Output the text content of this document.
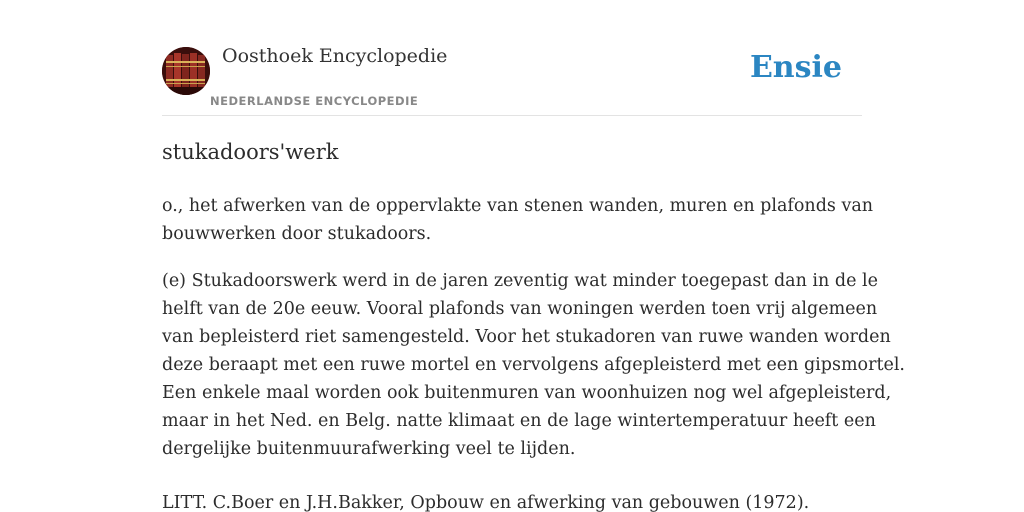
Oosthoek Encyclopedie
NEDERLANDSE ENCYCLOPEDIE
Ensie
stukadoors'werk

o., het afwerken van de oppervlakte van stenen wanden, muren en plafonds van
bouwwerken door stukadoors.

(e) Stukadoorswerk werd in de jaren zeventig wat minder toegepast dan in de le
helft van de 20e eeuw. Vooral plafonds van woningen werden toen vrij algemeen
van bepleisterd riet samengesteld. Voor het stukadoren van ruwe wanden worden
deze beraapt met een ruwe mortel en vervolgens afgepleisterd met een gipsmortel.
Een enkele maal worden ook buitenmuren van woonhuizen nog wel afgepleisterd,
maar in het Ned. en Belg. natte klimaat en de lage wintertemperatuur heeft een
dergelijke buitenmuurafwerking veel te lijden.

LITT. C.Boer en J.H.Bakker, Opbouw en afwerking van gebouwen (1972).
